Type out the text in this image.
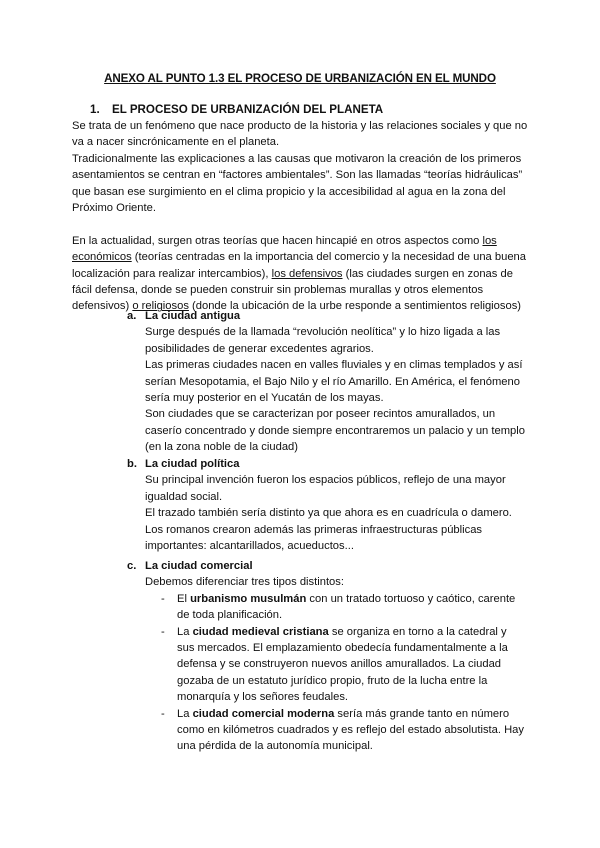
ANEXO AL PUNTO 1.3 EL PROCESO DE URBANIZACIÓN EN EL MUNDO
1. EL PROCESO DE URBANIZACIÓN DEL PLANETA

Se trata de un fenómeno que nace producto de la historia y las relaciones sociales y que no va a nacer sincrónicamente en el planeta.

Tradicionalmente las explicaciones a las causas que motivaron la creación de los primeros asentamientos se centran en “factores ambientales”. Son las llamadas “teorías hidráulicas” que basan ese surgimiento en el clima propicio y la accesibilidad al agua en la zona del Próximo Oriente.

En la actualidad, surgen otras teorías que hacen hincapié en otros aspectos como los económicos (teorías centradas en la importancia del comercio y la necesidad de una buena localización para realizar intercambios), los defensivos (las ciudades surgen en zonas de fácil defensa, donde se pueden construir sin problemas murallas y otros elementos defensivos) o religiosos (donde la ubicación de la urbe responde a sentimientos religiosos)

a. La ciudad antigua

Surge después de la llamada “revolución neolítica” y lo hizo ligada a las posibilidades de generar excedentes agrarios.

Las primeras ciudades nacen en valles fluviales y en climas templados y así serían Mesopotamia, el Bajo Nilo y el río Amarillo. En América, el fenómeno sería muy posterior en el Yucatán de los mayas.

Son ciudades que se caracterizan por poseer recintos amurallados, un caserío concentrado y donde siempre encontraremos un palacio y un templo (en la zona noble de la ciudad)

b. La ciudad política

Su principal invención fueron los espacios públicos, reflejo de una mayor igualdad social.

El trazado también sería distinto ya que ahora es en cuadrícula o damero.

Los romanos crearon además las primeras infraestructuras públicas importantes: alcantarillados, acueductos...

c. La ciudad comercial

Debemos diferenciar tres tipos distintos:

- El urbanismo musulmán con un tratado tortuoso y caótico, carente de toda planificación.
- La ciudad medieval cristiana se organiza en torno a la catedral y sus mercados. El emplazamiento obedecía fundamentalmente a la defensa y se construyeron nuevos anillos amurallados. La ciudad gozaba de un estatuto jurídico propio, fruto de la lucha entre la monarquía y los señores feudales.
- La ciudad comercial moderna sería más grande tanto en número como en kilómetros cuadrados y es reflejo del estado absolutista. Hay una pérdida de la autonomía municipal.
